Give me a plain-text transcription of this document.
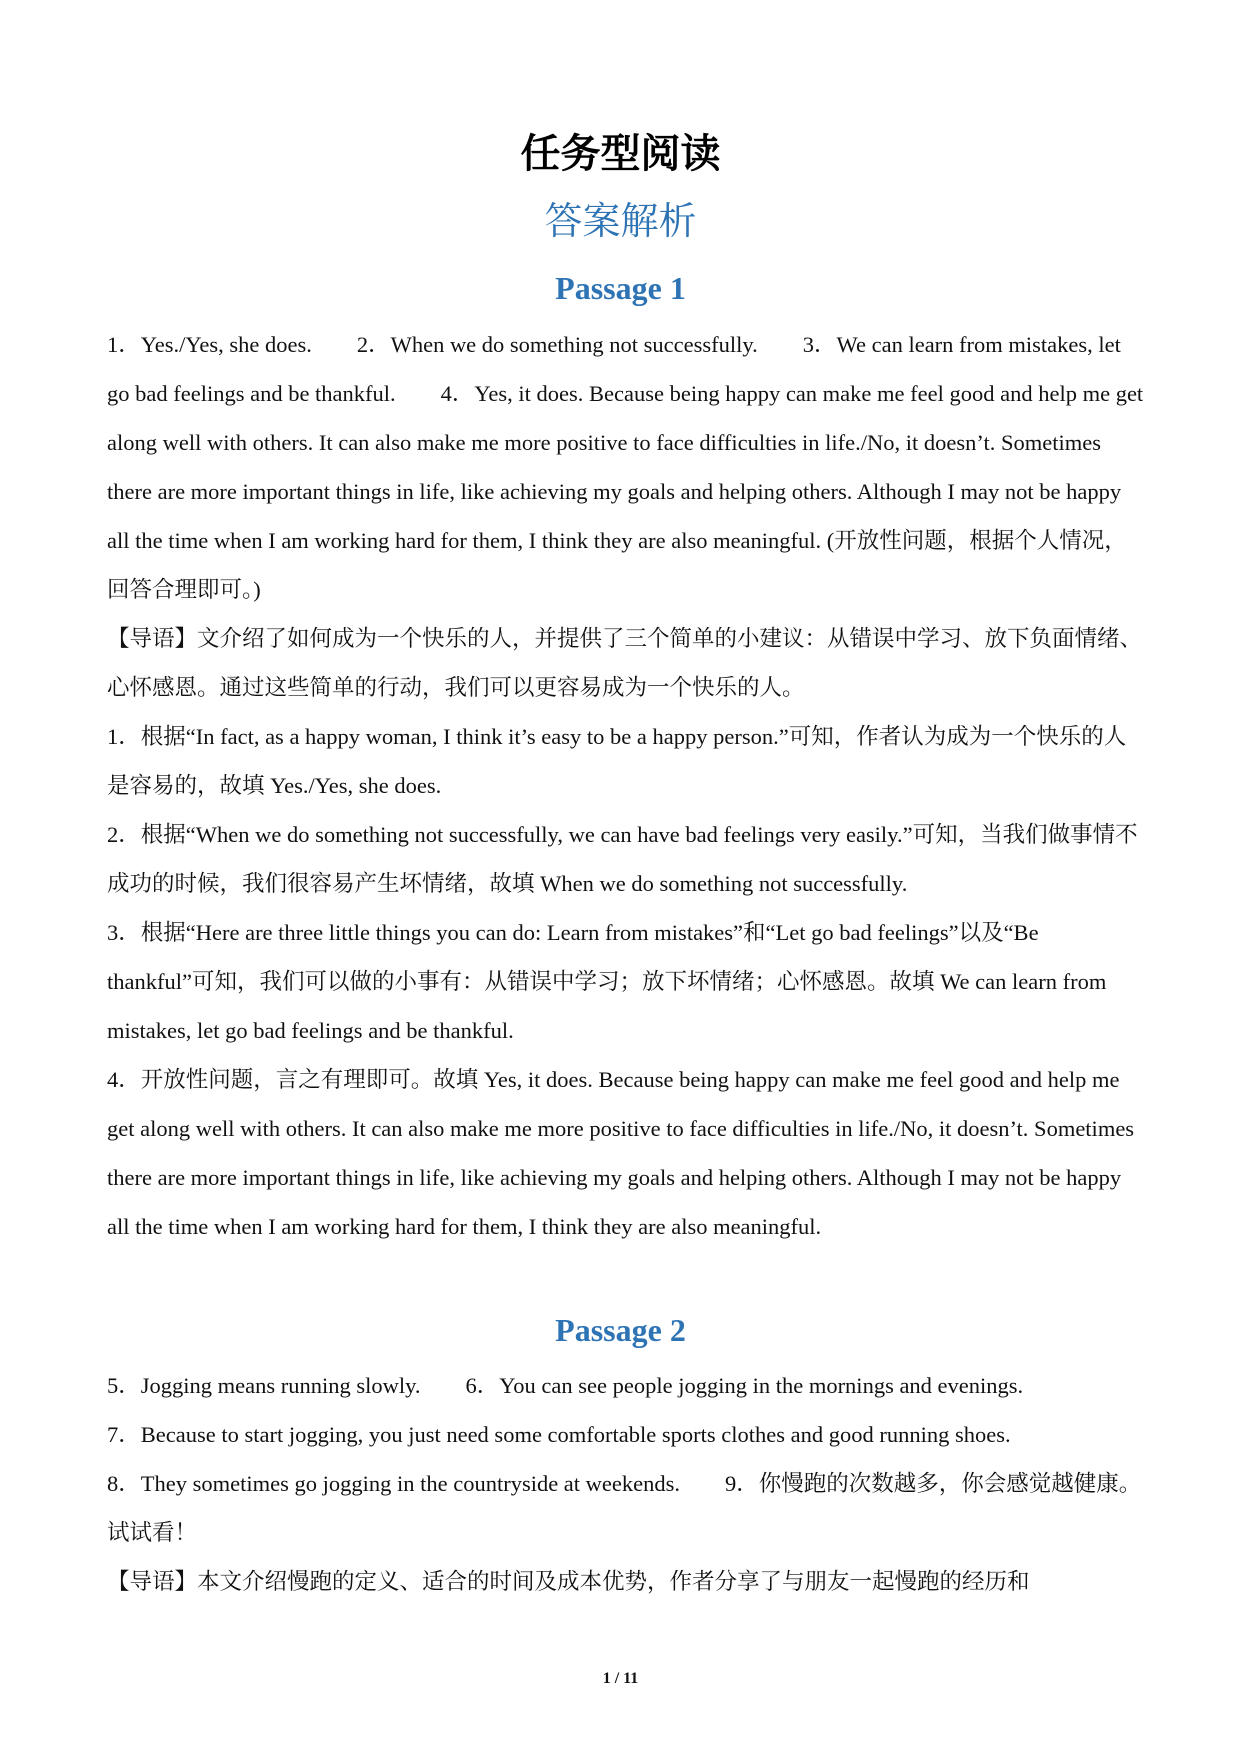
任务型阅读
答案解析
Passage 1

1．Yes./Yes, she does.　　2．When we do something not successfully.　　3．We can learn from mistakes, let go bad feelings and be thankful.　　4．Yes, it does. Because being happy can make me feel good and help me get along well with others. It can also make me more positive to face difficulties in life./No, it doesn’t. Sometimes there are more important things in life, like achieving my goals and helping others. Although I may not be happy all the time when I am working hard for them, I think they are also meaningful. (开放性问题，根据个人情况，回答合理即可。)

【导语】文介绍了如何成为一个快乐的人，并提供了三个简单的小建议：从错误中学习、放下负面情绪、心怀感恩。通过这些简单的行动，我们可以更容易成为一个快乐的人。

1．根据“In fact, as a happy woman, I think it’s easy to be a happy person.”可知，作者认为成为一个快乐的人是容易的，故填 Yes./Yes, she does.

2．根据“When we do something not successfully, we can have bad feelings very easily.”可知，当我们做事情不成功的时候，我们很容易产生坏情绪，故填 When we do something not successfully.

3．根据“Here are three little things you can do: Learn from mistakes”和“Let go bad feelings”以及“Be thankful”可知，我们可以做的小事有：从错误中学习；放下坏情绪；心怀感恩。故填 We can learn from mistakes, let go bad feelings and be thankful.

4．开放性问题，言之有理即可。故填 Yes, it does. Because being happy can make me feel good and help me get along well with others. It can also make me more positive to face difficulties in life./No, it doesn’t. Sometimes there are more important things in life, like achieving my goals and helping others. Although I may not be happy all the time when I am working hard for them, I think they are also meaningful.

Passage 2

5．Jogging means running slowly.　　6．You can see people jogging in the mornings and evenings.

7．Because to start jogging, you just need some comfortable sports clothes and good running shoes.

8．They sometimes go jogging in the countryside at weekends.　　9．你慢跑的次数越多，你会感觉越健康。试试看！

【导语】本文介绍慢跑的定义、适合的时间及成本优势，作者分享了与朋友一起慢跑的经历和

1 / 11
